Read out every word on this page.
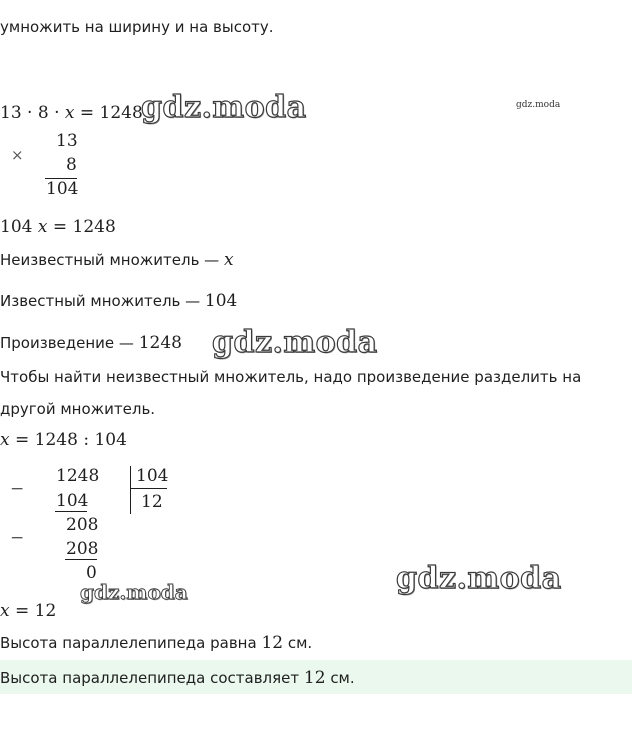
умножить на ширину и на высоту.
13 · 8 · x = 1248
gdz.moda	gdz.moda
×
13
8
104
104 x = 1248
Неизвестный множитель — x
Известный множитель — 104
Произведение — 1248 gdz.moda
Чтобы найти неизвестный множитель, надо произведение разделить на
другой множитель.
x = 1248 : 104
−
1248
104
104
12
208
−
208
0
gdz.moda	gdz.moda
x = 12
Высота параллелепипеда равна 12 см.
Высота параллелепипеда составляет 12 см.
